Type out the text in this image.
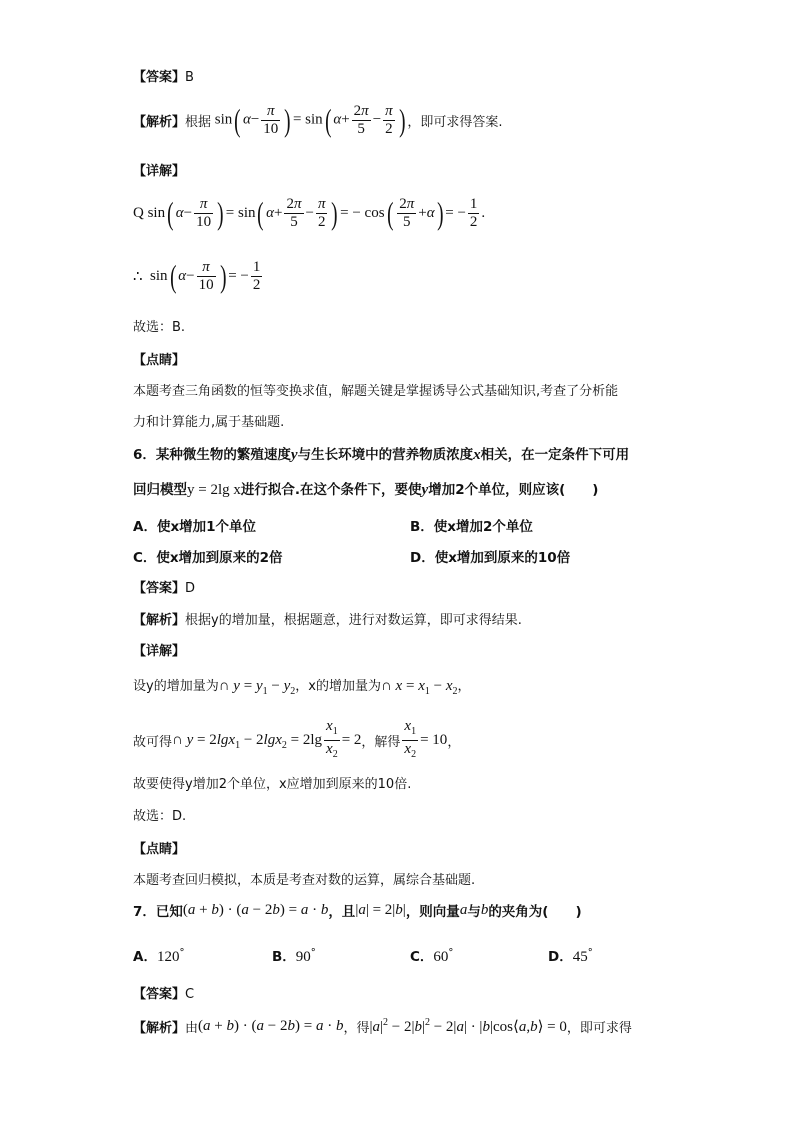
【答案】B
【解析】 根据 sin( $\alpha- \frac{\pi}{10}$ ) = sin( $\alpha+ \frac{2\pi}{5} - \frac{\pi}{2}$ ) ，即可求得答案.
【详解】
Q sin ( $\alpha - \frac{\pi}{10}$ ) = sin ( $\alpha + \frac{2\pi}{5} - \frac{\pi}{2}$ ) = − cos ( $\frac{2\pi}{5} + \alpha$ ) = − $\frac{1}{2}$ .
∴ sin ( $\alpha - \frac{\pi}{10}$ ) = − $\frac{1}{2}$
故选：B.
【点睛】
本题考查三角函数的恒等变换求值，解题关键是掌握诱导公式基础知识,考查了分析能
力和计算能力,属于基础题.
6．某种微生物的繁殖速度y与生长环境中的营养物质浓度x相关，在一定条件下可用
回归模型y = 2lg x进行拟合.在这个条件下，要使y增加2个单位，则应该(　　)
A．使x增加1个单位	B．使x增加2个单位
C．使x增加到原来的2倍	D．使x增加到原来的10倍
【答案】D
【解析】根据y的增加量，根据题意，进行对数运算，即可求得结果.
【详解】
设y的增加量为∩ $y = y_1 - y_2$，x的增加量为∩ $x = x_1 - x_2$，
故可得 ∩ $y = 2\lg x_1 - 2\lg x_2 = 2\lg \frac{x_1}{x_2} = 2$ ，解得 $\frac{x_1}{x_2} = 10$ ，
故要使得y增加2个单位，x应增加到原来的10倍.
故选：D.
【点睛】
本题考查回归模拟，本质是考查对数的运算，属综合基础题.
7．已知 (a + b) · (a − 2b) = a · b ，且 |a| = 2|b| ，则向量 a 与 b 的夹角为(　　)
A．120°	B．90°	C．60°	D．45°
【答案】C
【解析】 由 (a + b) · (a − 2b) = a · b ，得 $|a|^2 - 2|b|^2 - 2|a|$ · |b|cos⟨a,b⟩ = 0 ，即可求得
